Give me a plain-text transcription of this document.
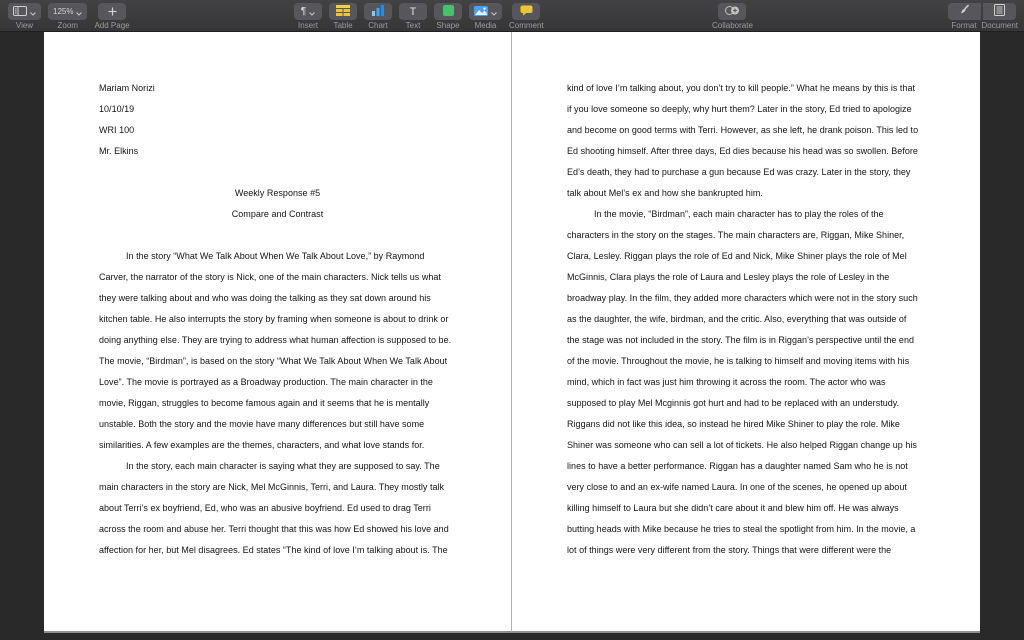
View
125%
Zoom Add Page
¶
Insert Table Chart
T
Text Shape Media Comment	Collaborate	Format Document
Mariam Norizi
10/10/19
WRI 100
Mr. Elkins
Weekly Response #5
Compare and Contrast
In the story “What We Talk About When We Talk About Love,” by Raymond
Carver, the narrator of the story is Nick, one of the main characters. Nick tells us what
they were talking about and who was doing the talking as they sat down around his
kitchen table. He also interrupts the story by framing when someone is about to drink or
doing anything else. They are trying to address what human affection is supposed to be.
The movie, “Birdman”, is based on the story “What We Talk About When We Talk About
Love”. The movie is portrayed as a Broadway production. The main character in the
movie, Riggan, struggles to become famous again and it seems that he is mentally
unstable. Both the story and the movie have many differences but still have some
similarities. A few examples are the themes, characters, and what love stands for.
In the story, each main character is saying what they are supposed to say. The
main characters in the story are Nick, Mel McGinnis, Terri, and Laura. They mostly talk
about Terri’s ex boyfriend, Ed, who was an abusive boyfriend. Ed used to drag Terri
across the room and abuse her. Terri thought that this was how Ed showed his love and
affection for her, but Mel disagrees. Ed states “The kind of love I’m talking about is. The
kind of love I’m talking about, you don’t try to kill people.” What he means by this is that
if you love someone so deeply, why hurt them? Later in the story, Ed tried to apologize
and become on good terms with Terri. However, as she left, he drank poison. This led to
Ed shooting himself. After three days, Ed dies because his head was so swollen. Before
Ed’s death, they had to purchase a gun because Ed was crazy. Later in the story, they
talk about Mel’s ex and how she bankrupted him.
In the movie, “Birdman”, each main character has to play the roles of the
characters in the story on the stages. The main characters are, Riggan, Mike Shiner,
Clara, Lesley. Riggan plays the role of Ed and Nick, Mike Shiner plays the role of Mel
McGinnis, Clara plays the role of Laura and Lesley plays the role of Lesley in the
broadway play. In the film, they added more characters which were not in the story such
as the daughter, the wife, birdman, and the critic. Also, everything that was outside of
the stage was not included in the story. The film is in Riggan’s perspective until the end
of the movie. Throughout the movie, he is talking to himself and moving items with his
mind, which in fact was just him throwing it across the room. The actor who was
supposed to play Mel Mcginnis got hurt and had to be replaced with an understudy.
Riggans did not like this idea, so instead he hired Mike Shiner to play the role. Mike
Shiner was someone who can sell a lot of tickets. He also helped Riggan change up his
lines to have a better performance. Riggan has a daughter named Sam who he is not
very close to and an ex-wife named Laura. In one of the scenes, he opened up about
killing himself to Laura but she didn’t care about it and blew him off. He was always
butting heads with Mike because he tries to steal the spotlight from him. In the movie, a
lot of things were very different from the story. Things that were different were the
